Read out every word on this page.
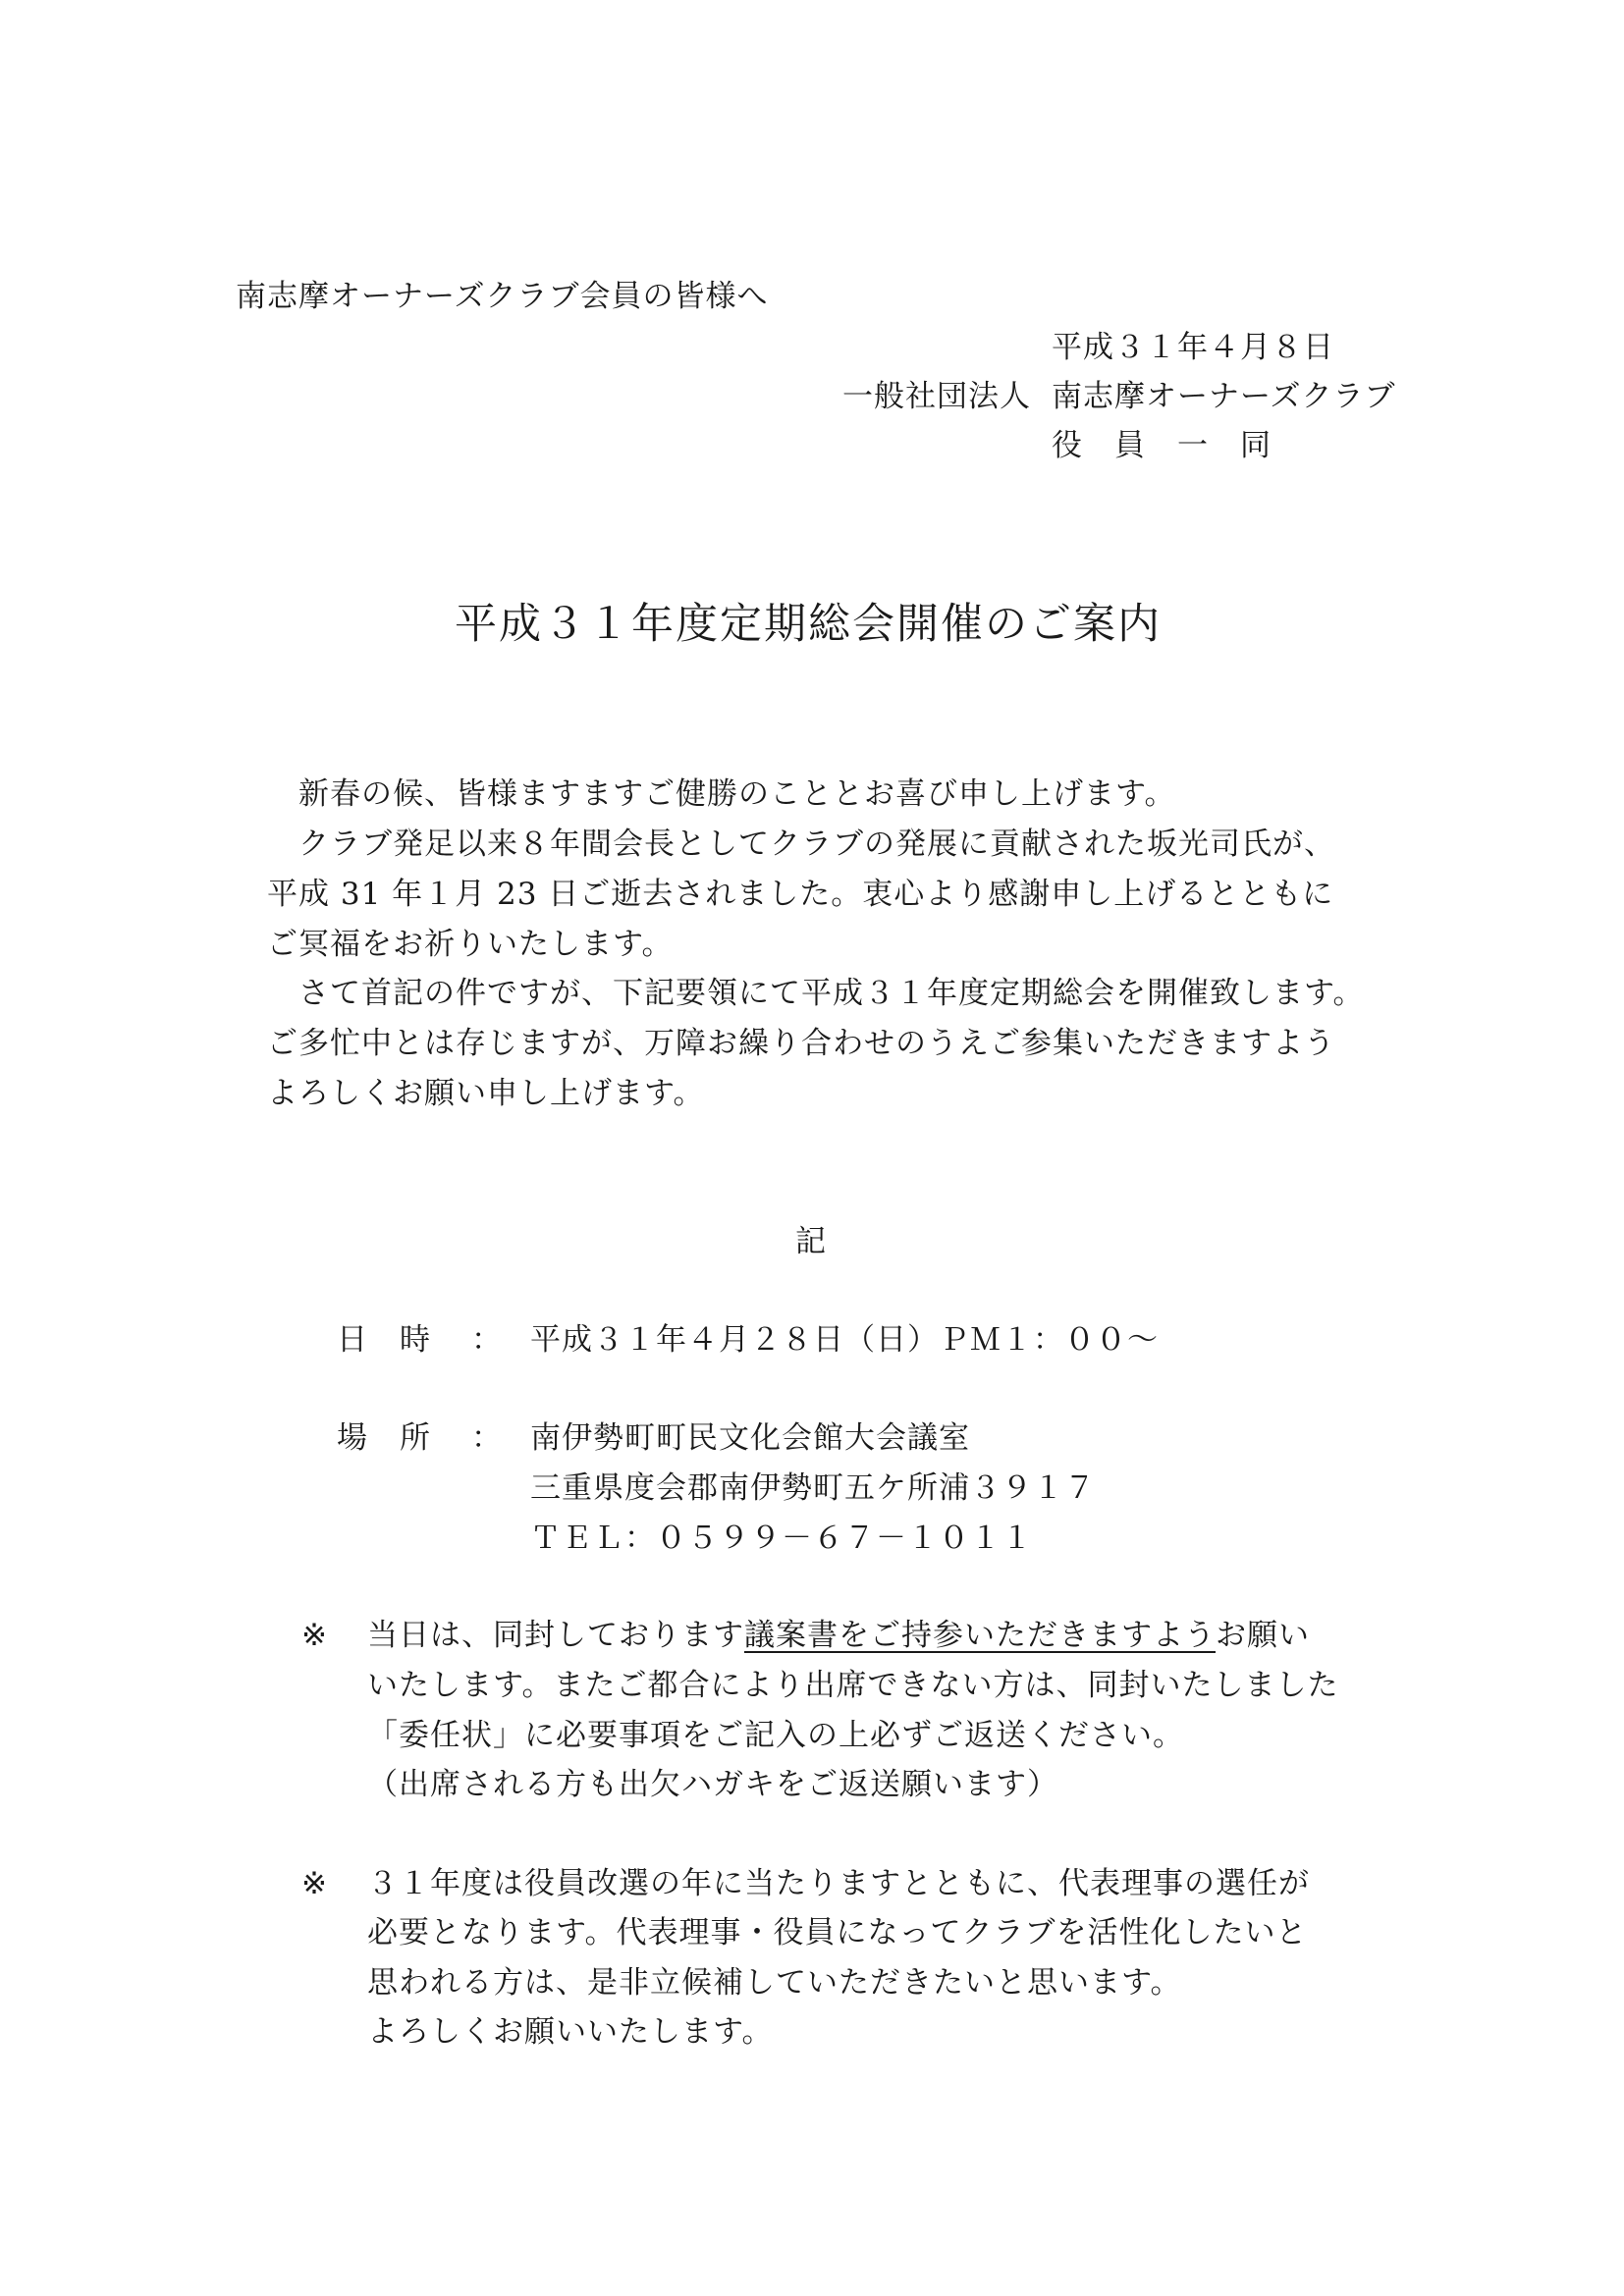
南志摩オーナーズクラブ会員の皆様へ
平成３１年４月８日
一般社団法人 南志摩オーナーズクラブ
役　員　一　同
平成３１年度定期総会開催のご案内
　新春の候、皆様ますますご健勝のこととお喜び申し上げます。
　クラブ発足以来８年間会長としてクラブの発展に貢献された坂光司氏が、
平成 31 年１月 23 日ご逝去されました。衷心より感謝申し上げるとともに
ご冥福をお祈りいたします。
　さて首記の件ですが、下記要領にて平成３１年度定期総会を開催致します。
ご多忙中とは存じますが、万障お繰り合わせのうえご参集いただきますよう
よろしくお願い申し上げます。
記
日　時 ： 平成３１年４月２８日（日）ＰＭ１：００～
場　所 ： 南伊勢町町民文化会館大会議室
三重県度会郡南伊勢町五ケ所浦３９１７
ＴＥＬ：０５９９－６７－１０１１
※ 当日は、同封しております議案書をご持参いただきますようお願い
いたします。またご都合により出席できない方は、同封いたしました
「委任状」に必要事項をご記入の上必ずご返送ください。
（出席される方も出欠ハガキをご返送願います）
※ ３１年度は役員改選の年に当たりますとともに、代表理事の選任が
必要となります。代表理事・役員になってクラブを活性化したいと
思われる方は、是非立候補していただきたいと思います。
よろしくお願いいたします。
